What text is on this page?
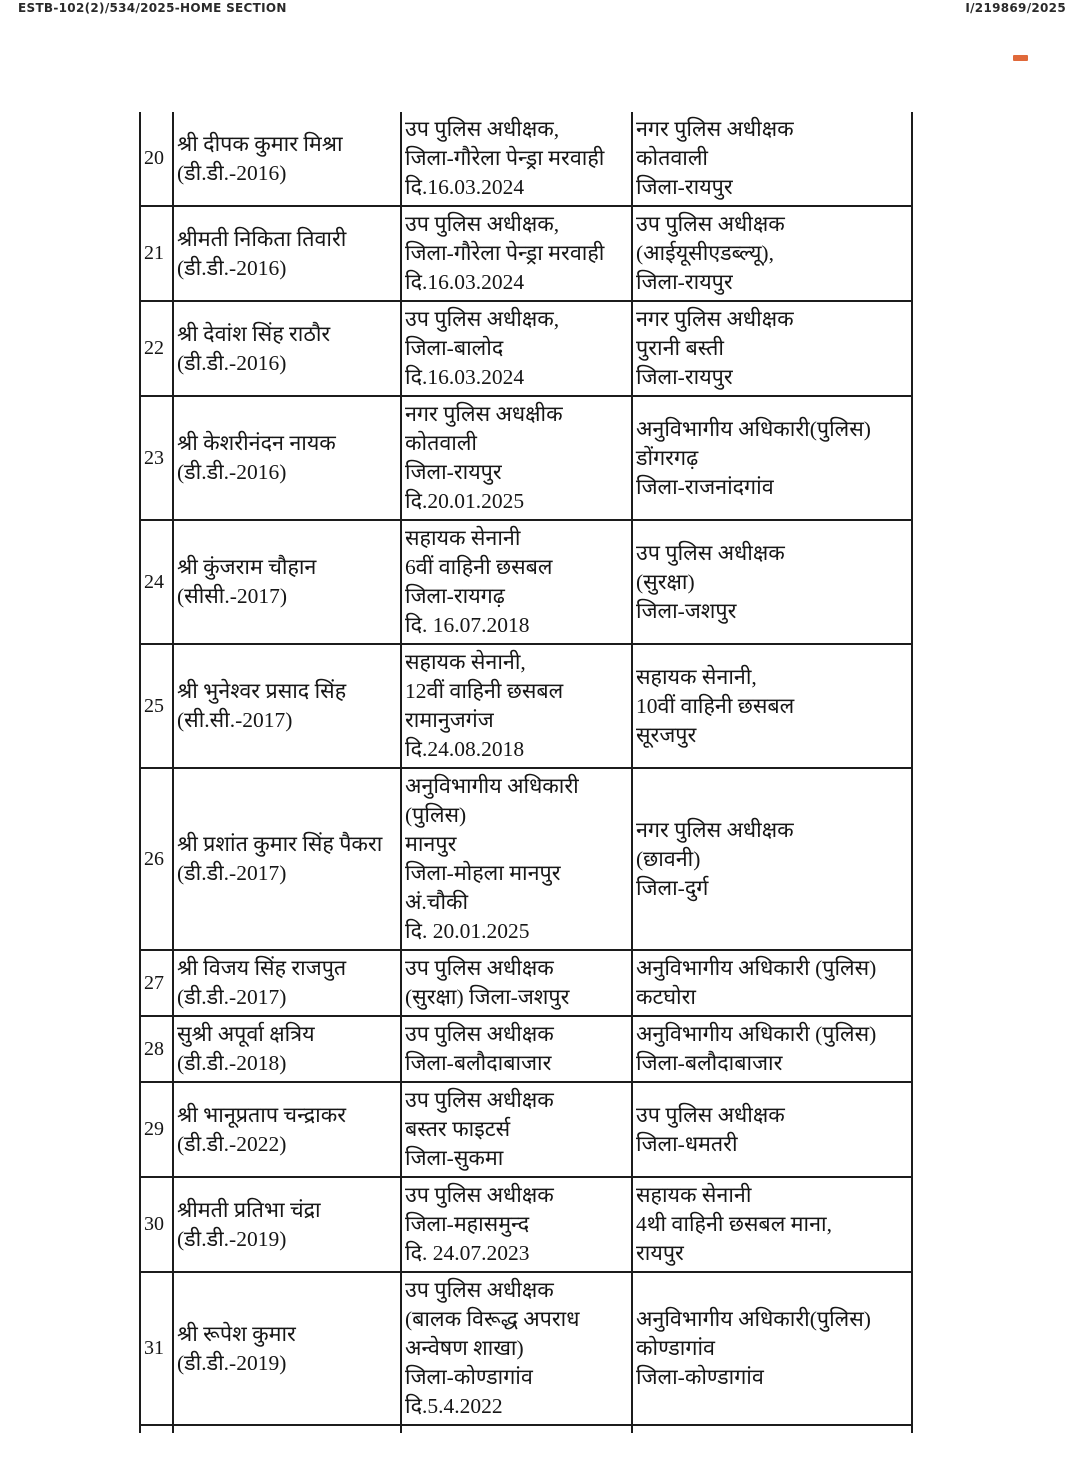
ESTB-102(2)/534/2025-HOME SECTION	I/219869/2025
20	
श्री दीपक कुमार मिश्रा
(डी.डी.-2016)

उप पुलिस अधीक्षक,
जिला-गौरेला पेन्ड्रा मरवाही
दि.16.03.2024

नगर पुलिस अधीक्षक
कोतवाली
जिला-रायपुर

21	
श्रीमती निकिता तिवारी
(डी.डी.-2016)

उप पुलिस अधीक्षक,
जिला-गौरेला पेन्ड्रा मरवाही
दि.16.03.2024

उप पुलिस अधीक्षक
(आईयूसीएडब्ल्यू),
जिला-रायपुर

22	
श्री देवांश सिंह राठौर
(डी.डी.-2016)

उप पुलिस अधीक्षक,
जिला-बालोद
दि.16.03.2024

नगर पुलिस अधीक्षक
पुरानी बस्ती
जिला-रायपुर

23	
श्री केशरीनंदन नायक
(डी.डी.-2016)

नगर पुलिस अधक्षीक
कोतवाली
जिला-रायपुर
दि.20.01.2025

अनुविभागीय अधिकारी(पुलिस)
डोंगरगढ़
जिला-राजनांदगांव

24	
श्री कुंजराम चौहान
(सीसी.-2017)

सहायक सेनानी
6वीं वाहिनी छसबल
जिला-रायगढ़
दि. 16.07.2018

उप पुलिस अधीक्षक
(सुरक्षा)
जिला-जशपुर

25	
श्री भुनेश्वर प्रसाद सिंह
(सी.सी.-2017)

सहायक सेनानी,
12वीं वाहिनी छसबल
रामानुजगंज
दि.24.08.2018

सहायक सेनानी,
10वीं वाहिनी छसबल
सूरजपुर

26	
श्री प्रशांत कुमार सिंह पैकरा
(डी.डी.-2017)

अनुविभागीय अधिकारी
(पुलिस)
मानपुर
जिला-मोहला मानपुर
अं.चौकी
दि. 20.01.2025

नगर पुलिस अधीक्षक
(छावनी)
जिला-दुर्ग

27	
श्री विजय सिंह राजपुत
(डी.डी.-2017)

उप पुलिस अधीक्षक
(सुरक्षा) जिला-जशपुर

अनुविभागीय अधिकारी (पुलिस)
कटघोरा

28	
सुश्री अपूर्वा क्षत्रिय
(डी.डी.-2018)

उप पुलिस अधीक्षक
जिला-बलौदाबाजार

अनुविभागीय अधिकारी (पुलिस)
जिला-बलौदाबाजार

29	
श्री भानूप्रताप चन्द्राकर
(डी.डी.-2022)

उप पुलिस अधीक्षक
बस्तर फाइटर्स
जिला-सुकमा

उप पुलिस अधीक्षक
जिला-धमतरी

30	
श्रीमती प्रतिभा चंद्रा
(डी.डी.-2019)

उप पुलिस अधीक्षक
जिला-महासमुन्द
दि. 24.07.2023

सहायक सेनानी
4थी वाहिनी छसबल माना,
रायपुर

31	
श्री रूपेश कुमार
(डी.डी.-2019)

उप पुलिस अधीक्षक
(बालक विरूद्ध अपराध
अन्वेषण शाखा)
जिला-कोण्डागांव
दि.5.4.2022

अनुविभागीय अधिकारी(पुलिस)
कोण्डागांव
जिला-कोण्डागांव
